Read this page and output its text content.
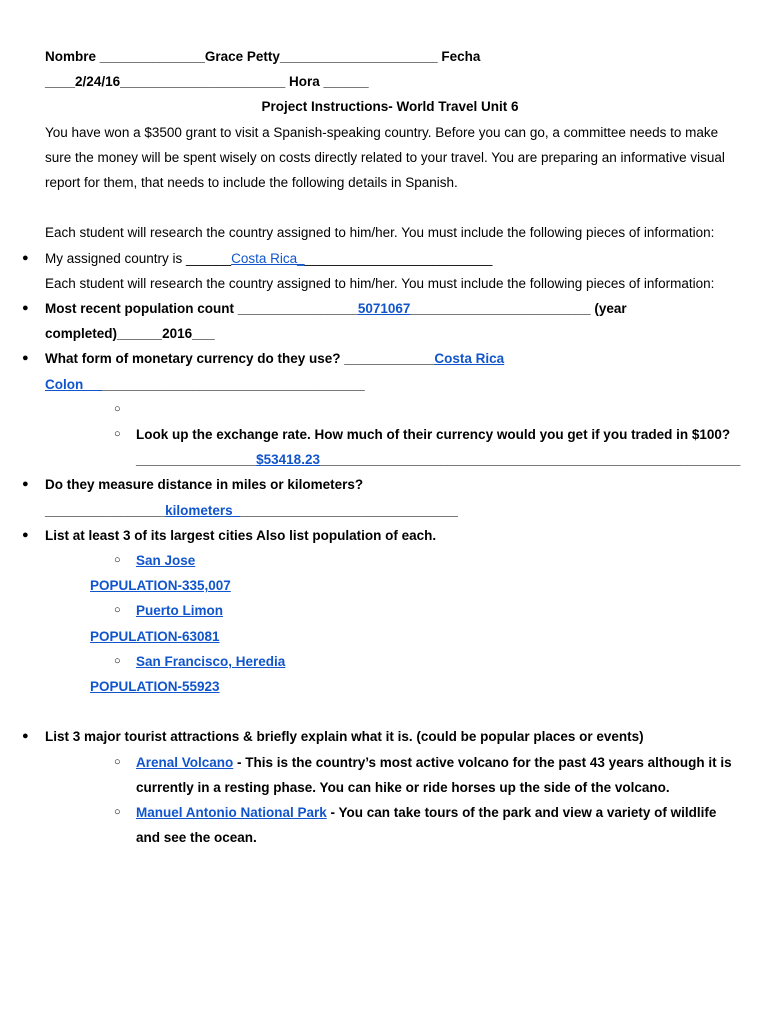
Nombre ______________Grace Petty_____________________ Fecha
____2/24/16______________________ Hora ______
Project Instructions- World Travel Unit 6
You have won a $3500 grant to visit a Spanish-speaking country. Before you can go, a committee needs to make sure the money will be spent wisely on costs directly related to your travel. You are preparing an informative visual report for them, that needs to include the following details in Spanish.
Each student will research the country assigned to him/her. You must include the following pieces of information:
● My assigned country is ______Costa Rica__________________________
Each student will research the country assigned to him/her. You must include the following pieces of information:
● Most recent population count ________________5071067________________________ (year completed)______2016___
● What form of monetary currency do they use? ____________Costa Rica
Colon     ___________________________________
○

○ Look up the exchange rate. How much of their currency would you get if you traded in $100?
________________$53418.23________________________________________________________
● Do they measure distance in miles or kilometers?
________________kilometers______________________________
● List at least 3 of its largest cities Also list population of each.
○ San Jose
POPULATION-335,007
○ Puerto Limon
POPULATION-63081
○ San Francisco, Heredia
POPULATION-55923
● List 3 major tourist attractions & briefly explain what it is. (could be popular places or events)
○ Arenal Volcano - This is the country’s most active volcano for the past 43 years although it is currently in a resting phase. You can hike or ride horses up the side of the volcano.
○ Manuel Antonio National Park - You can take tours of the park and view a variety of wildlife and see the ocean.
